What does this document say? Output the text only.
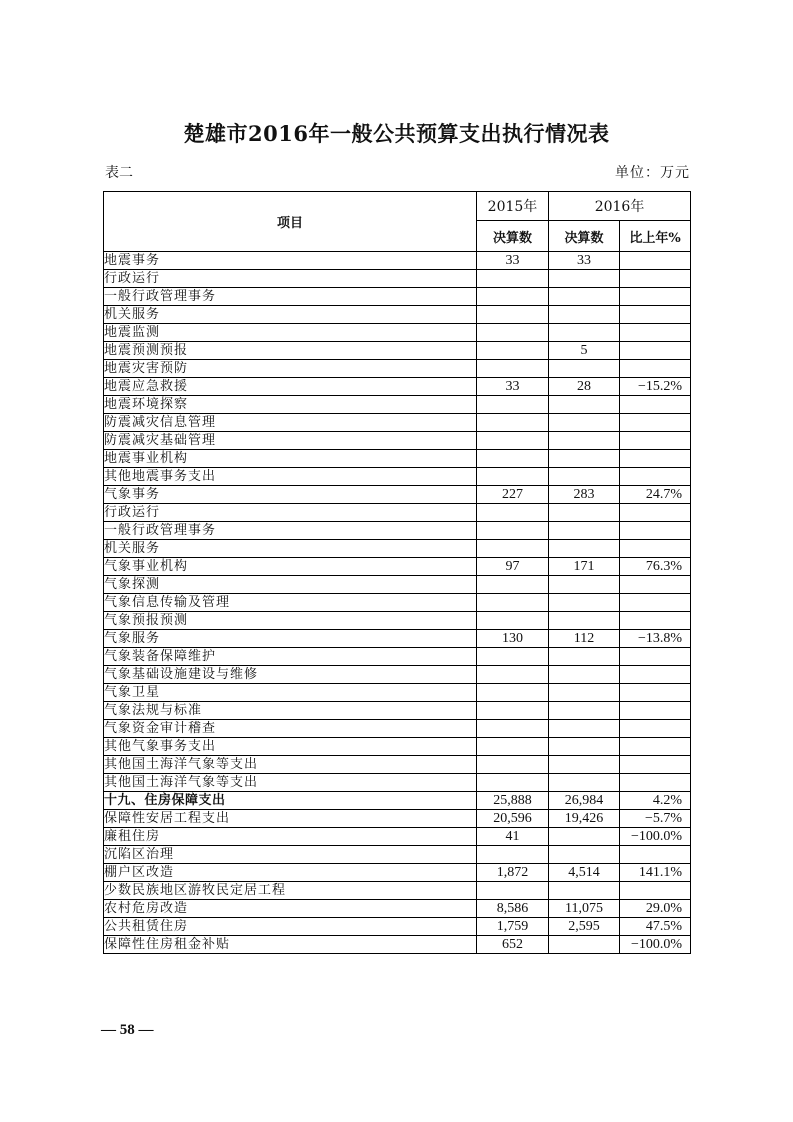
楚雄市2016年一般公共预算支出执行情况表
表二	单位：万元
项目	2015年	2016年	
	决算数	决算数	比上年%
地震事务	33	33	
行政运行			
一般行政管理事务			
机关服务			
地震监测			
地震预测预报		5	
地震灾害预防			
地震应急救援	33	28	−15.2%
地震环境探察			
防震减灾信息管理			
防震减灾基础管理			
地震事业机构			
其他地震事务支出			
气象事务	227	283	24.7%
行政运行			
一般行政管理事务			
机关服务			
气象事业机构	97	171	76.3%
气象探测			
气象信息传输及管理			
气象预报预测			
气象服务	130	112	−13.8%
气象装备保障维护			
气象基础设施建设与维修			
气象卫星			
气象法规与标准			
气象资金审计稽查			
其他气象事务支出			
其他国土海洋气象等支出			
其他国土海洋气象等支出			
十九、住房保障支出	25,888	26,984	4.2%
保障性安居工程支出	20,596	19,426	−5.7%
廉租住房	41		−100.0%
沉陷区治理			
棚户区改造	1,872	4,514	141.1%
少数民族地区游牧民定居工程			
农村危房改造	8,586	11,075	29.0%
公共租赁住房	1,759	2,595	47.5%
保障性住房租金补贴	652		−100.0%
— 58 —
